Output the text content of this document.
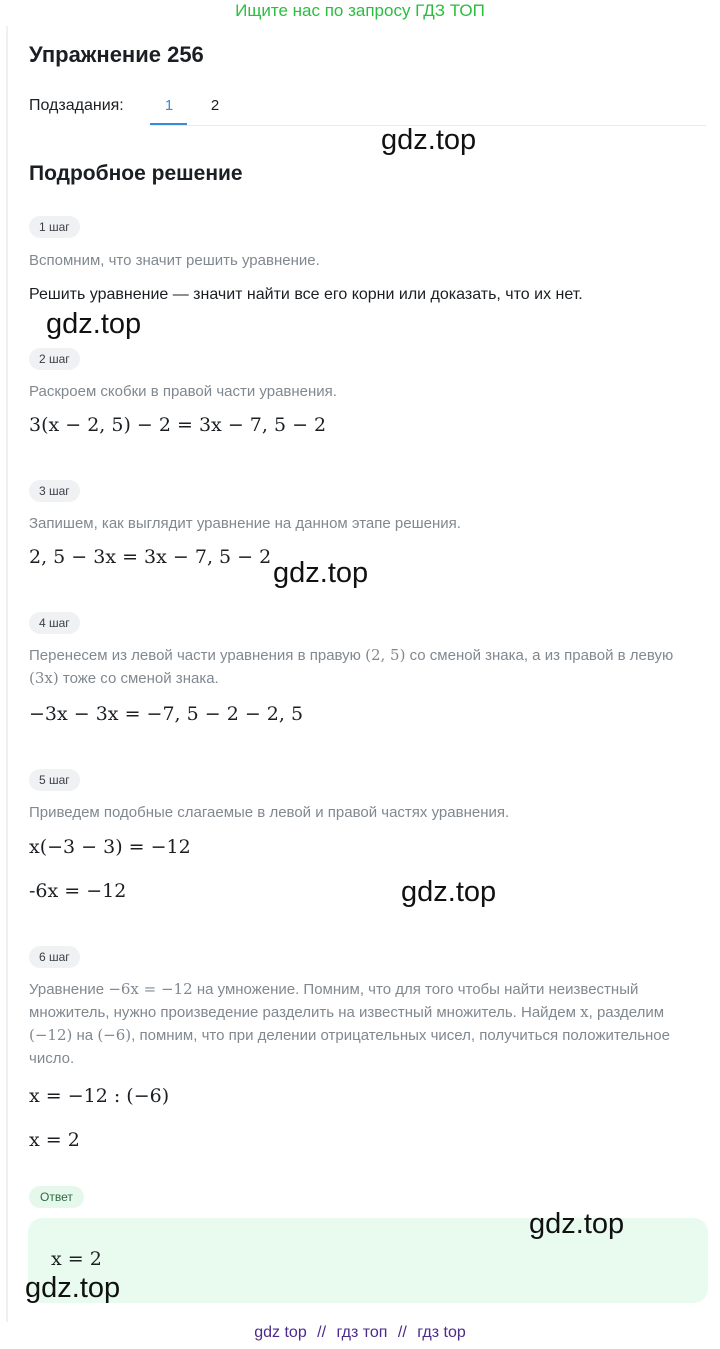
Ищите нас по запросу ГДЗ ТОП
Упражнение 256
Подзадания:	1	2
Подробное решение
1 шаг
Вспомним, что значит решить уравнение.
Решить уравнение — значит найти все его корни или доказать, что их нет.
2 шаг
Раскроем скобки в правой части уравнения.
3(x − 2, 5) − 2 = 3x − 7, 5 − 2
3 шаг
Запишем, как выглядит уравнение на данном этапе решения.
2, 5 − 3x = 3x − 7, 5 − 2
4 шаг
Перенесем из левой части уравнения в правую (2, 5) со сменой знака, а из правой в левую (3x) тоже со сменой знака.
−3x − 3x = −7, 5 − 2 − 2, 5
5 шаг
Приведем подобные слагаемые в левой и правой частях уравнения.
x(−3 − 3) = −12
-6x = −12
6 шаг
Уравнение −6x = −12 на умножение. Помним, что для того чтобы найти неизвестный множитель, нужно произведение разделить на известный множитель. Найдем x, разделим (−12) на (−6), помним, что при делении отрицательных чисел, получиться положительное число.
x = −12 : (−6)
x = 2
Ответ
x = 2
gdz.top
gdz.top
gdz.top
gdz.top
gdz.top
gdz.top
gdz top // гдз топ // гдз top
